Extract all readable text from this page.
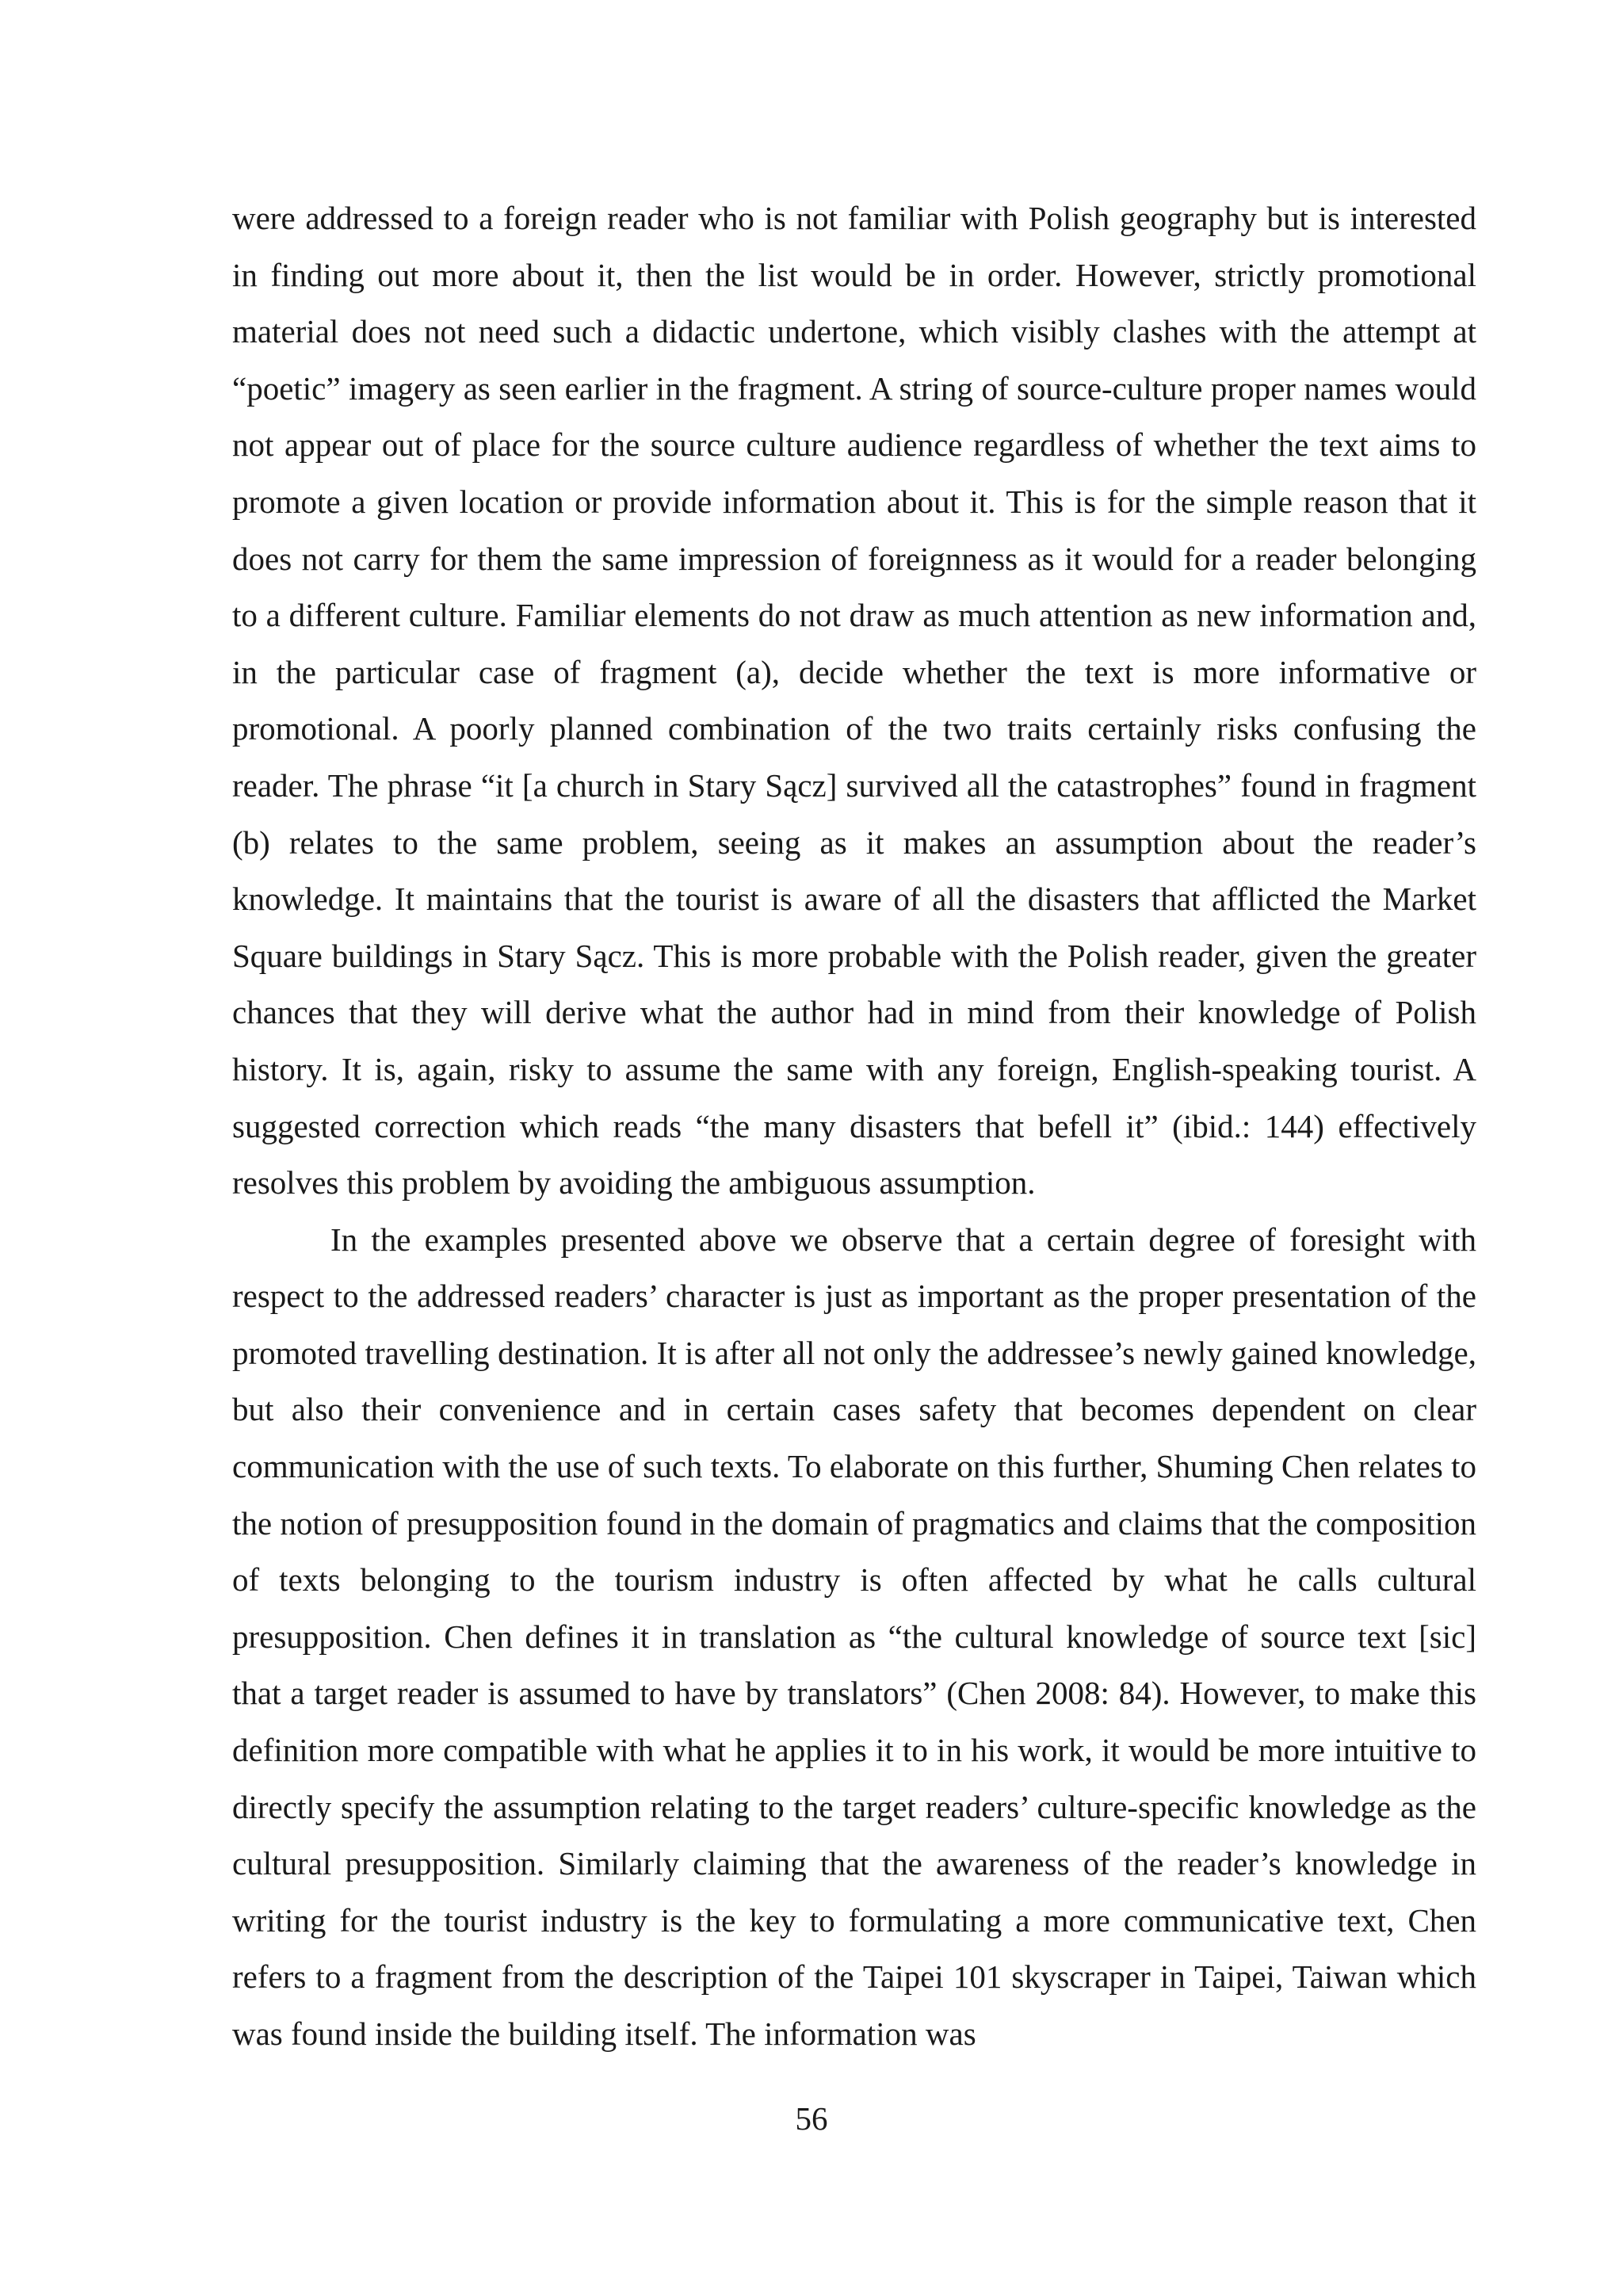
were addressed to a foreign reader who is not familiar with Polish geography but is interested in finding out more about it, then the list would be in order. However, strictly promotional material does not need such a didactic undertone, which visibly clashes with the attempt at “poetic” imagery as seen earlier in the fragment. A string of source-culture proper names would not appear out of place for the source culture audience regardless of whether the text aims to promote a given location or provide information about it. This is for the simple reason that it does not carry for them the same impression of foreignness as it would for a reader belonging to a different culture. Familiar elements do not draw as much attention as new information and, in the particular case of fragment (a), decide whether the text is more informative or promotional. A poorly planned combination of the two traits certainly risks confusing the reader. The phrase “it [a church in Stary Sącz] survived all the catastrophes” found in fragment (b) relates to the same problem, seeing as it makes an assumption about the reader’s knowledge. It maintains that the tourist is aware of all the disasters that afflicted the Market Square buildings in Stary Sącz. This is more probable with the Polish reader, given the greater chances that they will derive what the author had in mind from their knowledge of Polish history. It is, again, risky to assume the same with any foreign, English-speaking tourist. A suggested correction which reads “the many disasters that befell it” (ibid.: 144) effectively resolves this problem by avoiding the ambiguous assumption.

In the examples presented above we observe that a certain degree of foresight with respect to the addressed readers’ character is just as important as the proper presentation of the promoted travelling destination. It is after all not only the addressee’s newly gained knowledge, but also their convenience and in certain cases safety that becomes dependent on clear communication with the use of such texts. To elaborate on this further, Shuming Chen relates to the notion of presupposition found in the domain of pragmatics and claims that the composition of texts belonging to the tourism industry is often affected by what he calls cultural presupposition. Chen defines it in translation as “the cultural knowledge of source text [sic] that a target reader is assumed to have by translators” (Chen 2008: 84). However, to make this definition more compatible with what he applies it to in his work, it would be more intuitive to directly specify the assumption relating to the target readers’ culture-specific knowledge as the cultural presupposition. Similarly claiming that the awareness of the reader’s knowledge in writing for the tourist industry is the key to formulating a more communicative text, Chen refers to a fragment from the description of the Taipei 101 skyscraper in Taipei, Taiwan which was found inside the building itself. The information was

56
